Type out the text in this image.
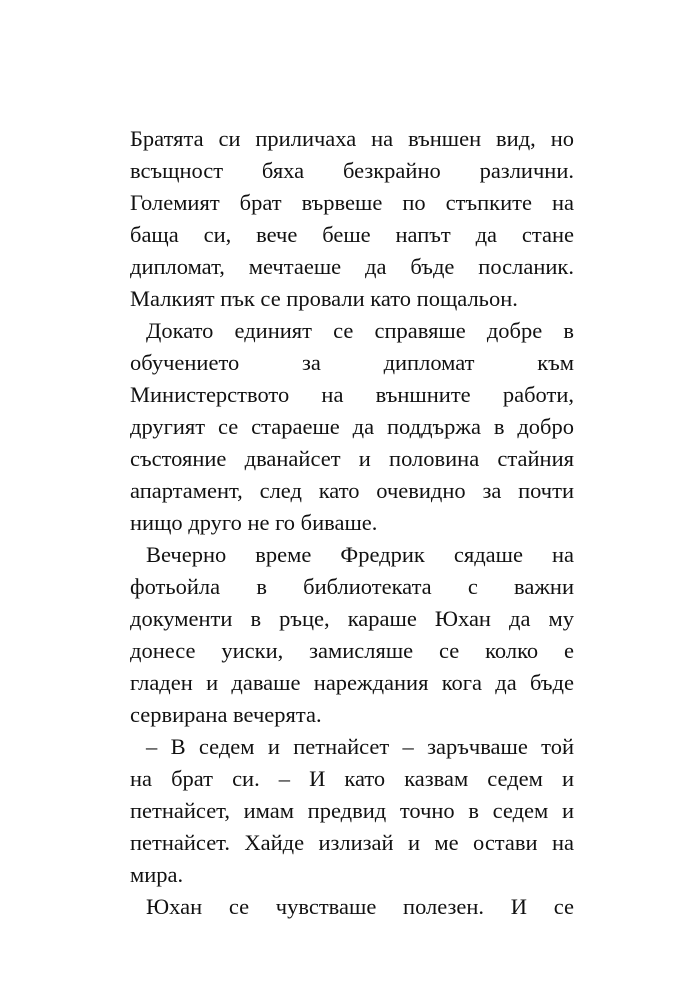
Братята си приличаха на външен вид, но
всъщност бяха безкрайно различни.
Големият брат вървеше по стъпките на
баща си, вече беше напът да стане
дипломат, мечтаеше да бъде посланик.
Малкият пък се провали като пощальон.
Докато единият се справяше добре в
обучението за дипломат към
Министерството на външните работи,
другият се стараеше да поддържа в добро
състояние дванайсет и половина стайния
апартамент, след като очевидно за почти
нищо друго не го биваше.
Вечерно време Фредрик сядаше на
фотьойла в библиотеката с важни
документи в ръце, караше Юхан да му
донесе уиски, замисляше се колко е
гладен и даваше нареждания кога да бъде
сервирана вечерята.
– В седем и петнайсет – заръчваше той
на брат си. – И като казвам седем и
петнайсет, имам предвид точно в седем и
петнайсет. Хайде излизай и ме остави на
мира.
Юхан се чувстваше полезен. И се
